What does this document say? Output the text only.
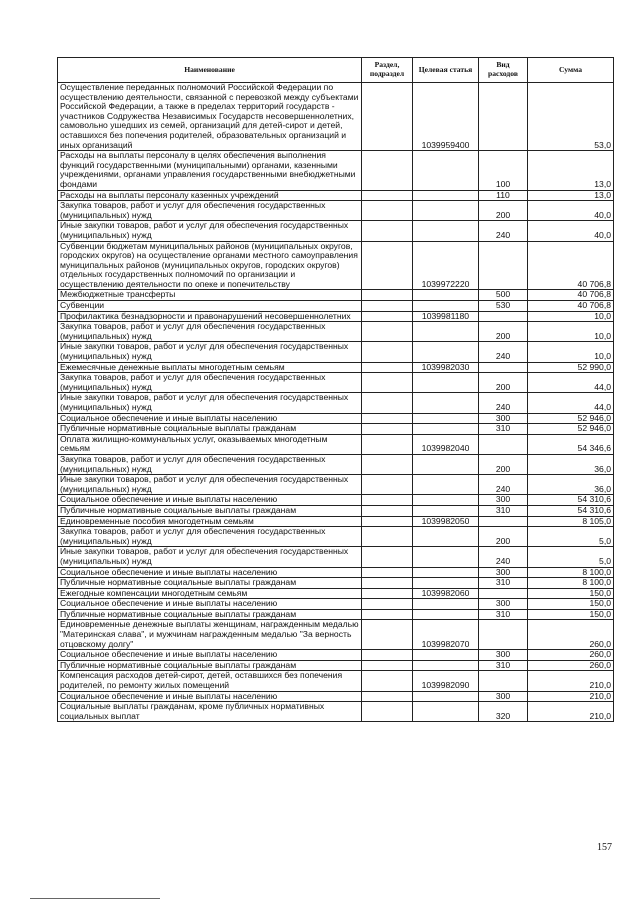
Наименование	Раздел, подраздел	Целевая статья	Вид расходов	Сумма
Осуществление переданных полномочий Российской Федерации по осуществлению деятельности, связанной с перевозкой между субъектами Российской Федерации, а также в пределах территорий государств - участников Содружества Независимых Государств несовершеннолетних, самовольно ушедших из семей, организаций для детей-сирот и детей, оставшихся без попечения родителей, образовательных организаций и иных организаций		1039959400		53,0
Расходы на выплаты персоналу в целях обеспечения выполнения функций государственными (муниципальными) органами, казенными учреждениями, органами управления государственными внебюджетными фондами			100	13,0
Расходы на выплаты персоналу казенных учреждений			110	13,0
Закупка товаров, работ и услуг для обеспечения государственных (муниципальных) нужд			200	40,0
Иные закупки товаров, работ и услуг для обеспечения государственных (муниципальных) нужд			240	40,0
Субвенции бюджетам муниципальных районов (муниципальных округов, городских округов) на осуществление органами местного самоуправления муниципальных районов (муниципальных округов, городских округов) отдельных государственных полномочий по организации и осуществлению деятельности по опеке и попечительству		1039972220		40 706,8
Межбюджетные трансферты			500	40 706,8
Субвенции			530	40 706,8
Профилактика безнадзорности и правонарушений несовершеннолетних		1039981180		10,0
Закупка товаров, работ и услуг для обеспечения государственных (муниципальных) нужд			200	10,0
Иные закупки товаров, работ и услуг для обеспечения государственных (муниципальных) нужд			240	10,0
Ежемесячные денежные выплаты многодетным семьям		1039982030		52 990,0
Закупка товаров, работ и услуг для обеспечения государственных (муниципальных) нужд			200	44,0
Иные закупки товаров, работ и услуг для обеспечения государственных (муниципальных) нужд			240	44,0
Социальное обеспечение и иные выплаты населению			300	52 946,0
Публичные нормативные социальные выплаты гражданам			310	52 946,0
Оплата жилищно-коммунальных услуг, оказываемых многодетным семьям		1039982040		54 346,6
Закупка товаров, работ и услуг для обеспечения государственных (муниципальных) нужд			200	36,0
Иные закупки товаров, работ и услуг для обеспечения государственных (муниципальных) нужд			240	36,0
Социальное обеспечение и иные выплаты населению			300	54 310,6
Публичные нормативные социальные выплаты гражданам			310	54 310,6
Единовременные пособия многодетным семьям		1039982050		8 105,0
Закупка товаров, работ и услуг для обеспечения государственных (муниципальных) нужд			200	5,0
Иные закупки товаров, работ и услуг для обеспечения государственных (муниципальных) нужд			240	5,0
Социальное обеспечение и иные выплаты населению			300	8 100,0
Публичные нормативные социальные выплаты гражданам			310	8 100,0
Ежегодные компенсации многодетным семьям		1039982060		150,0
Социальное обеспечение и иные выплаты населению			300	150,0
Публичные нормативные социальные выплаты гражданам			310	150,0
Единовременные денежные выплаты женщинам, награжденным медалью "Материнская слава", и мужчинам награжденным медалью "За верность отцовскому долгу"		1039982070		260,0
Социальное обеспечение и иные выплаты населению			300	260,0
Публичные нормативные социальные выплаты гражданам			310	260,0
Компенсация расходов детей-сирот, детей, оставшихся без попечения родителей, по ремонту жилых помещений		1039982090		210,0
Социальное обеспечение и иные выплаты населению			300	210,0
Социальные выплаты гражданам, кроме публичных нормативных социальных выплат			320	210,0
157
